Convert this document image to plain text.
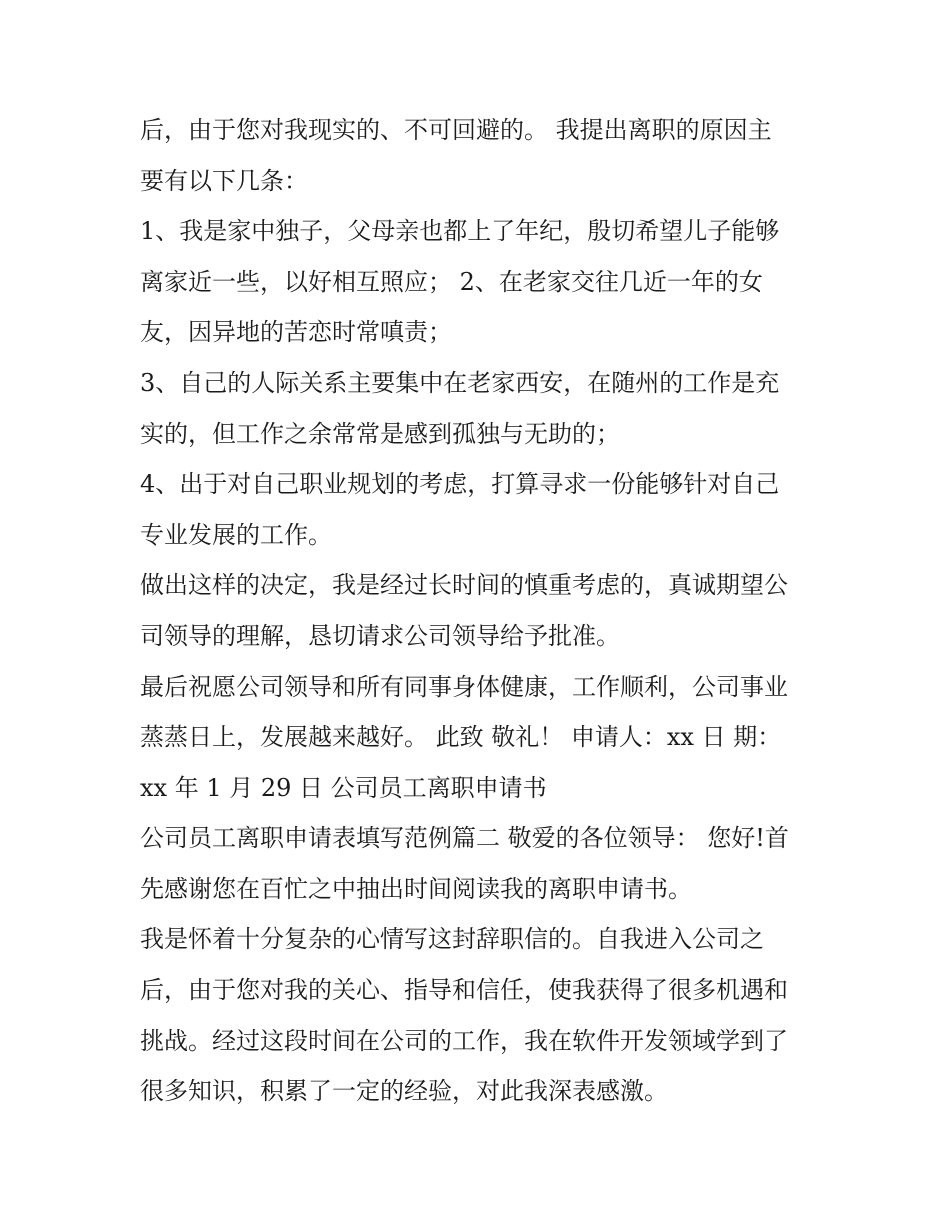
后，由于您对我现实的、不可回避的。 我提出离职的原因主

要有以下几条：

1、我是家中独子，父母亲也都上了年纪，殷切希望儿子能够

离家近一些，以好相互照应； 2、在老家交往几近一年的女

友，因异地的苦恋时常嗔责；

3、自己的人际关系主要集中在老家西安，在随州的工作是充

实的，但工作之余常常是感到孤独与无助的；

4、出于对自己职业规划的考虑，打算寻求一份能够针对自己

专业发展的工作。

做出这样的决定，我是经过长时间的慎重考虑的，真诚期望公

司领导的理解，恳切请求公司领导给予批准。

最后祝愿公司领导和所有同事身体健康，工作顺利，公司事业

蒸蒸日上，发展越来越好。 此致 敬礼！ 申请人：xx 日 期：

xx 年 1 月 29 日 公司员工离职申请书

公司员工离职申请表填写范例篇二 敬爱的各位领导： 您好!首

先感谢您在百忙之中抽出时间阅读我的离职申请书。

我是怀着十分复杂的心情写这封辞职信的。自我进入公司之

后，由于您对我的关心、指导和信任，使我获得了很多机遇和

挑战。经过这段时间在公司的工作，我在软件开发领域学到了

很多知识，积累了一定的经验，对此我深表感激。
